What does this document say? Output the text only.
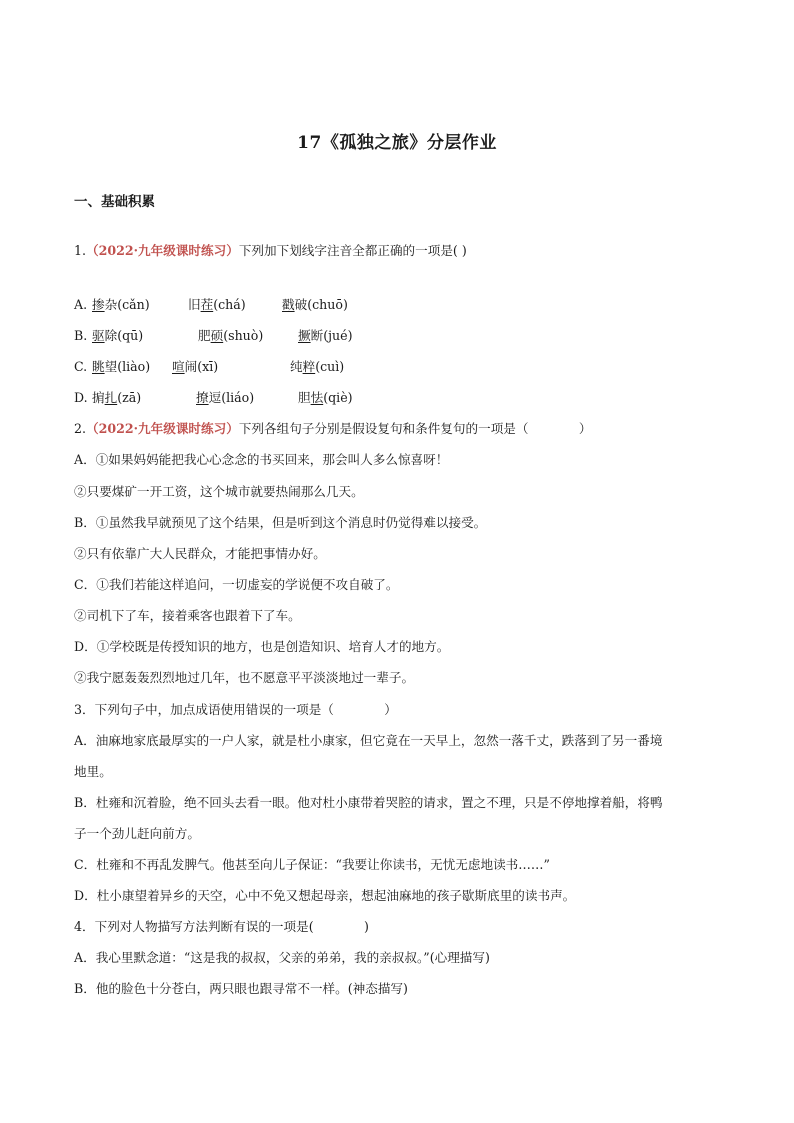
17《孤独之旅》分层作业
一、基础积累
1.（2022·九年级课时练习）下列加下划线字注音全都正确的一项是( )
A. 掺杂(cǎn)	旧茬(chá)	戳破(chuō)
B. 驱除(qū)	肥硕(shuò)	撅断(jué)
C. 眺望(liào) 喧闹(xī)	纯粹(cuì)
D. 掮扎(zā)	撩逗(liáo)	胆怯(qiè)
2.（2022·九年级课时练习）下列各组句子分别是假设复句和条件复句的一项是（　　　　）
A．①如果妈妈能把我心心念念的书买回来，那会叫人多么惊喜呀！
②只要煤矿一开工资，这个城市就要热闹那么几天。
B．①虽然我早就预见了这个结果，但是听到这个消息时仍觉得难以接受。
②只有依靠广大人民群众，才能把事情办好。
C．①我们若能这样追问，一切虚妄的学说便不攻自破了。
②司机下了车，接着乘客也跟着下了车。
D．①学校既是传授知识的地方，也是创造知识、培育人才的地方。
②我宁愿轰轰烈烈地过几年，也不愿意平平淡淡地过一辈子。
3．下列句子中，加点成语使用错误的一项是（　　　　）
A．油麻地家底最厚实的一户人家，就是杜小康家，但它竟在一天早上，忽然一落千丈，跌落到了另一番境
地里。
B．杜雍和沉着脸，绝不回头去看一眼。他对杜小康带着哭腔的请求，置之不理，只是不停地撑着船，将鸭
子一个劲儿赶向前方。
C．杜雍和不再乱发脾气。他甚至向儿子保证：“我要让你读书，无忧无虑地读书……”
D．杜小康望着异乡的天空，心中不免又想起母亲，想起油麻地的孩子歇斯底里的读书声。
4．下列对人物描写方法判断有误的一项是(　　　　)
A．我心里默念道：“这是我的叔叔，父亲的弟弟，我的亲叔叔。”(心理描写)
B．他的脸色十分苍白，两只眼也跟寻常不一样。(神态描写)
